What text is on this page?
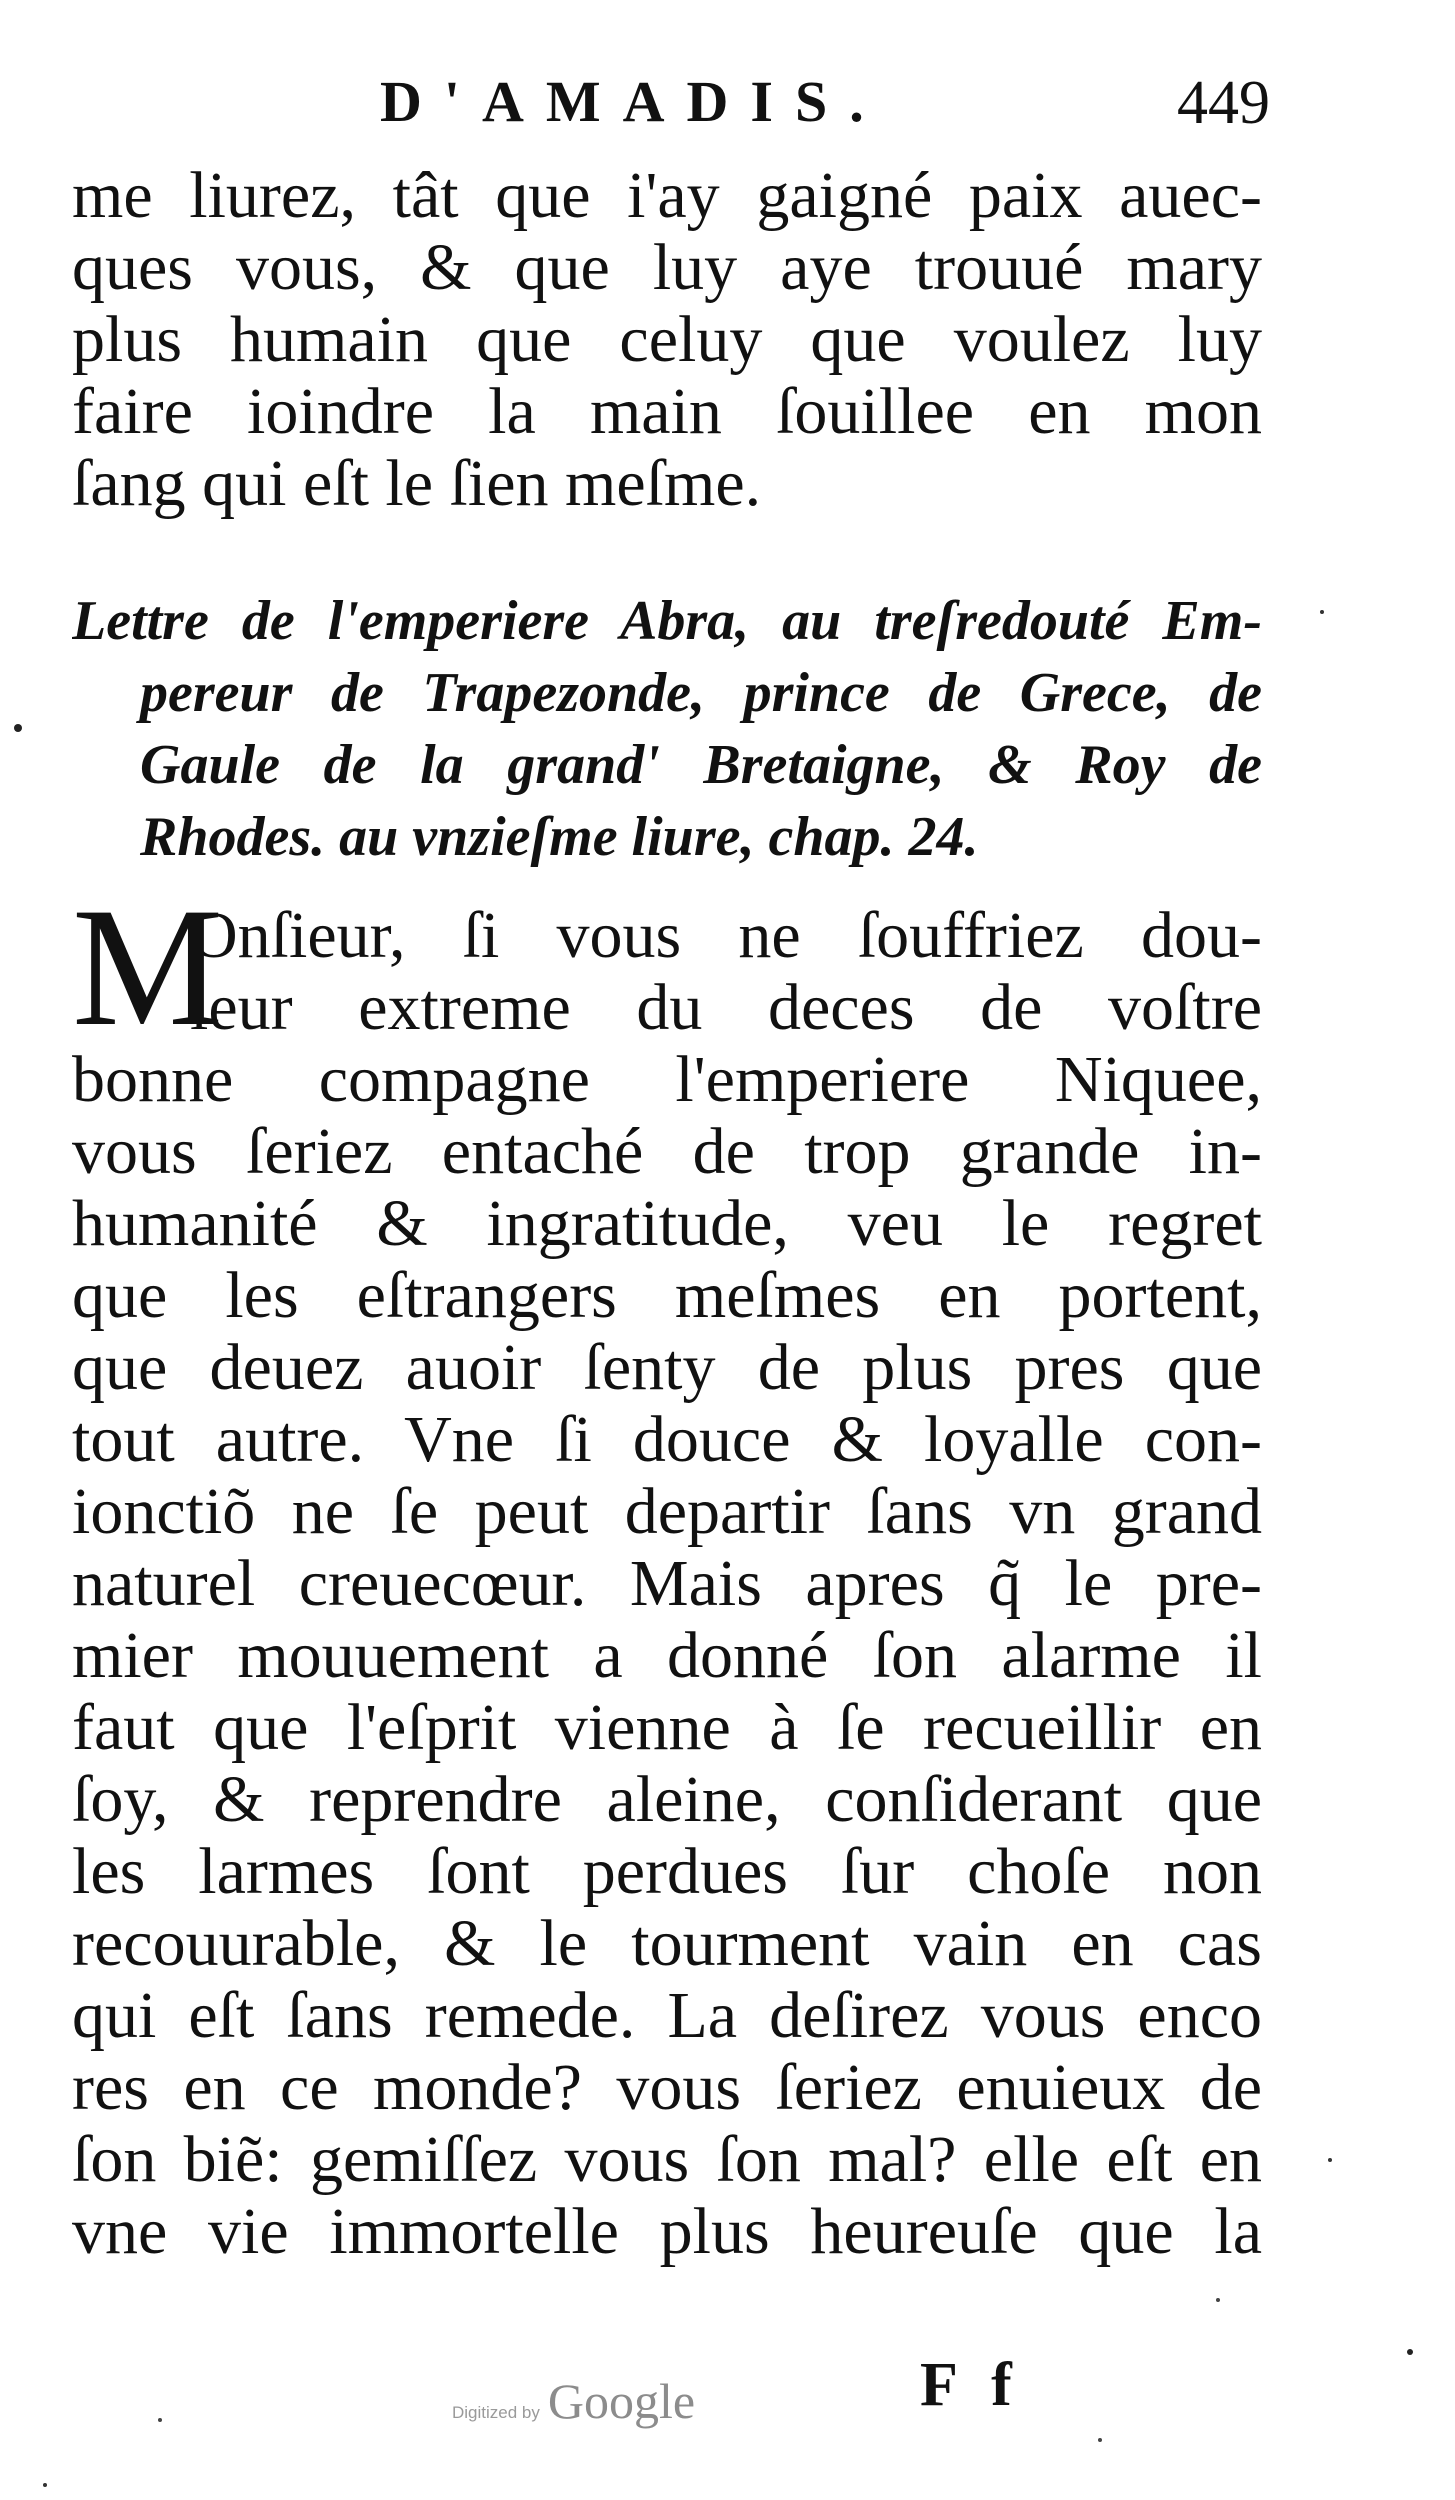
D'AMADIS.	449
me liurez, tât que i'ay gaigné paix auec-
ques vous, & que luy aye trouué mary
plus humain que celuy que voulez luy
faire ioindre la main ſouillee en mon
ſang qui eſt le ſien meſme.
Lettre de l'emperiere Abra, au treſredouté Em-
pereur de Trapezonde, prince de Grece, de
Gaule de la grand' Bretaigne, & Roy de
Rhodes. au vnzieſme liure, chap. 24.
M
Onſieur, ſi vous ne ſouffriez dou-
leur extreme du deces de voſtre
bonne compagne l'emperiere Niquee,
vous ſeriez entaché de trop grande in-
humanité & ingratitude, veu le regret
que les eſtrangers meſmes en portent,
que deuez auoir ſenty de plus pres que
tout autre. Vne ſi douce & loyalle con-
ionctiõ ne ſe peut departir ſans vn grand
naturel creuecœur. Mais apres q̃ le pre-
mier mouuement a donné ſon alarme il
faut que l'eſprit vienne à ſe recueillir en
ſoy, & reprendre aleine, conſiderant que
les larmes ſont perdues ſur choſe non
recouurable, & le tourment vain en cas
qui eſt ſans remede. La deſirez vous enco
res en ce monde? vous ſeriez enuieux de
ſon biẽ: gemiſſez vous ſon mal? elle eſt en
vne vie immortelle plus heureuſe que la
Digitized by Google	F f
